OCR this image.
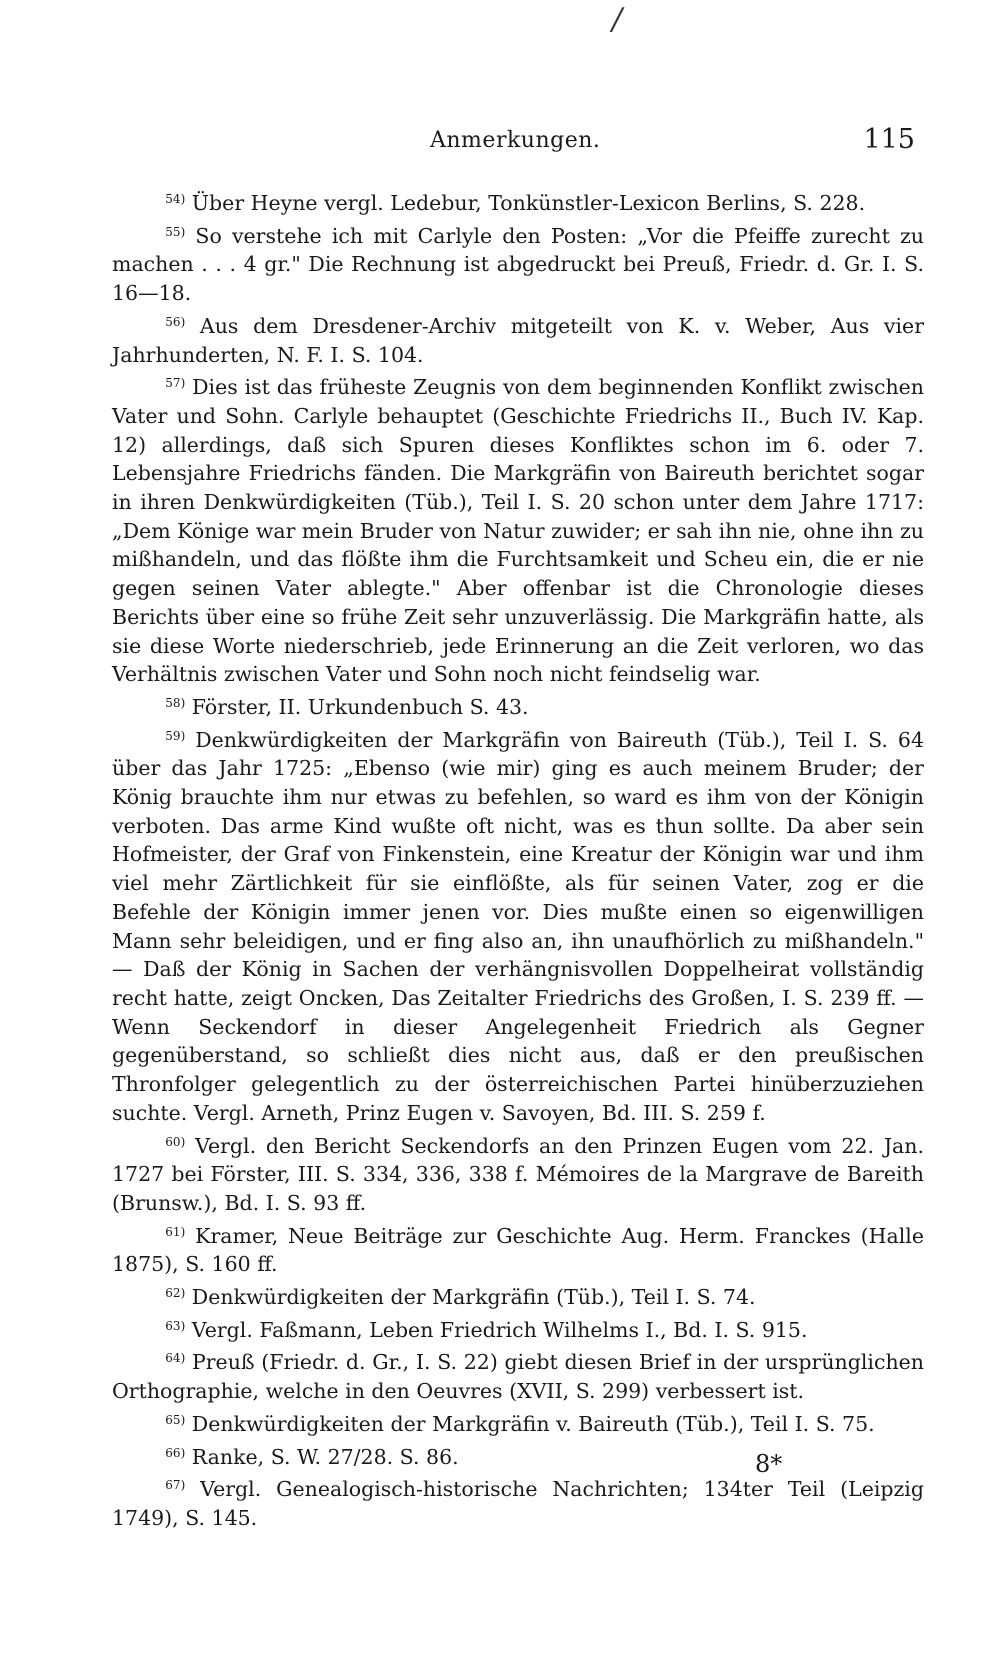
/
Anmerkungen.	115

$^{54)}$ Über Heyne vergl. Ledebur, Tonkünstler-Lexicon Berlins, S. 228.

$^{55)}$ So verstehe ich mit Carlyle den Posten: „Vor die Pfeiffe zurecht zu machen . . . 4 gr." Die Rechnung ist abgedruckt bei Preuß, Friedr. d. Gr. I. S. 16—18.

$^{56)}$ Aus dem Dresdener-Archiv mitgeteilt von K. v. Weber, Aus vier Jahrhunderten, N. F. I. S. 104.

$^{57)}$ Dies ist das früheste Zeugnis von dem beginnenden Konflikt zwischen Vater und Sohn. Carlyle behauptet (Geschichte Friedrichs II., Buch IV. Kap. 12) allerdings, daß sich Spuren dieses Konfliktes schon im 6. oder 7. Lebensjahre Friedrichs fänden. Die Markgräfin von Baireuth berichtet sogar in ihren Denkwürdigkeiten (Tüb.), Teil I. S. 20 schon unter dem Jahre 1717: „Dem Könige war mein Bruder von Natur zuwider; er sah ihn nie, ohne ihn zu mißhandeln, und das flößte ihm die Furchtsamkeit und Scheu ein, die er nie gegen seinen Vater ablegte." Aber offenbar ist die Chronologie dieses Berichts über eine so frühe Zeit sehr unzuverlässig. Die Markgräfin hatte, als sie diese Worte niederschrieb, jede Erinnerung an die Zeit verloren, wo das Verhältnis zwischen Vater und Sohn noch nicht feindselig war.

$^{58)}$ Förster, II. Urkundenbuch S. 43.

$^{59)}$ Denkwürdigkeiten der Markgräfin von Baireuth (Tüb.), Teil I. S. 64 über das Jahr 1725: „Ebenso (wie mir) ging es auch meinem Bruder; der König brauchte ihm nur etwas zu befehlen, so ward es ihm von der Königin verboten. Das arme Kind wußte oft nicht, was es thun sollte. Da aber sein Hofmeister, der Graf von Finkenstein, eine Kreatur der Königin war und ihm viel mehr Zärtlichkeit für sie einflößte, als für seinen Vater, zog er die Befehle der Königin immer jenen vor. Dies mußte einen so eigenwilligen Mann sehr beleidigen, und er fing also an, ihn unaufhörlich zu mißhandeln." — Daß der König in Sachen der verhängnisvollen Doppelheirat vollständig recht hatte, zeigt Oncken, Das Zeitalter Friedrichs des Großen, I. S. 239 ff. — Wenn Seckendorf in dieser Angelegenheit Friedrich als Gegner gegenüberstand, so schließt dies nicht aus, daß er den preußischen Thronfolger gelegentlich zu der österreichischen Partei hinüberzuziehen suchte. Vergl. Arneth, Prinz Eugen v. Savoyen, Bd. III. S. 259 f.

$^{60)}$ Vergl. den Bericht Seckendorfs an den Prinzen Eugen vom 22. Jan. 1727 bei Förster, III. S. 334, 336, 338 f. Mémoires de la Margrave de Bareith (Brunsw.), Bd. I. S. 93 ff.

$^{61)}$ Kramer, Neue Beiträge zur Geschichte Aug. Herm. Franckes (Halle 1875), S. 160 ff.

$^{62)}$ Denkwürdigkeiten der Markgräfin (Tüb.), Teil I. S. 74.

$^{63)}$ Vergl. Faßmann, Leben Friedrich Wilhelms I., Bd. I. S. 915.

$^{64)}$ Preuß (Friedr. d. Gr., I. S. 22) giebt diesen Brief in der ursprünglichen Orthographie, welche in den Oeuvres (XVII, S. 299) verbessert ist.

$^{65)}$ Denkwürdigkeiten der Markgräfin v. Baireuth (Tüb.), Teil I. S. 75.

$^{66)}$ Ranke, S. W. 27/28. S. 86.

$^{67)}$ Vergl. Genealogisch-historische Nachrichten; 134ter Teil (Leipzig 1749), S. 145.

8*
